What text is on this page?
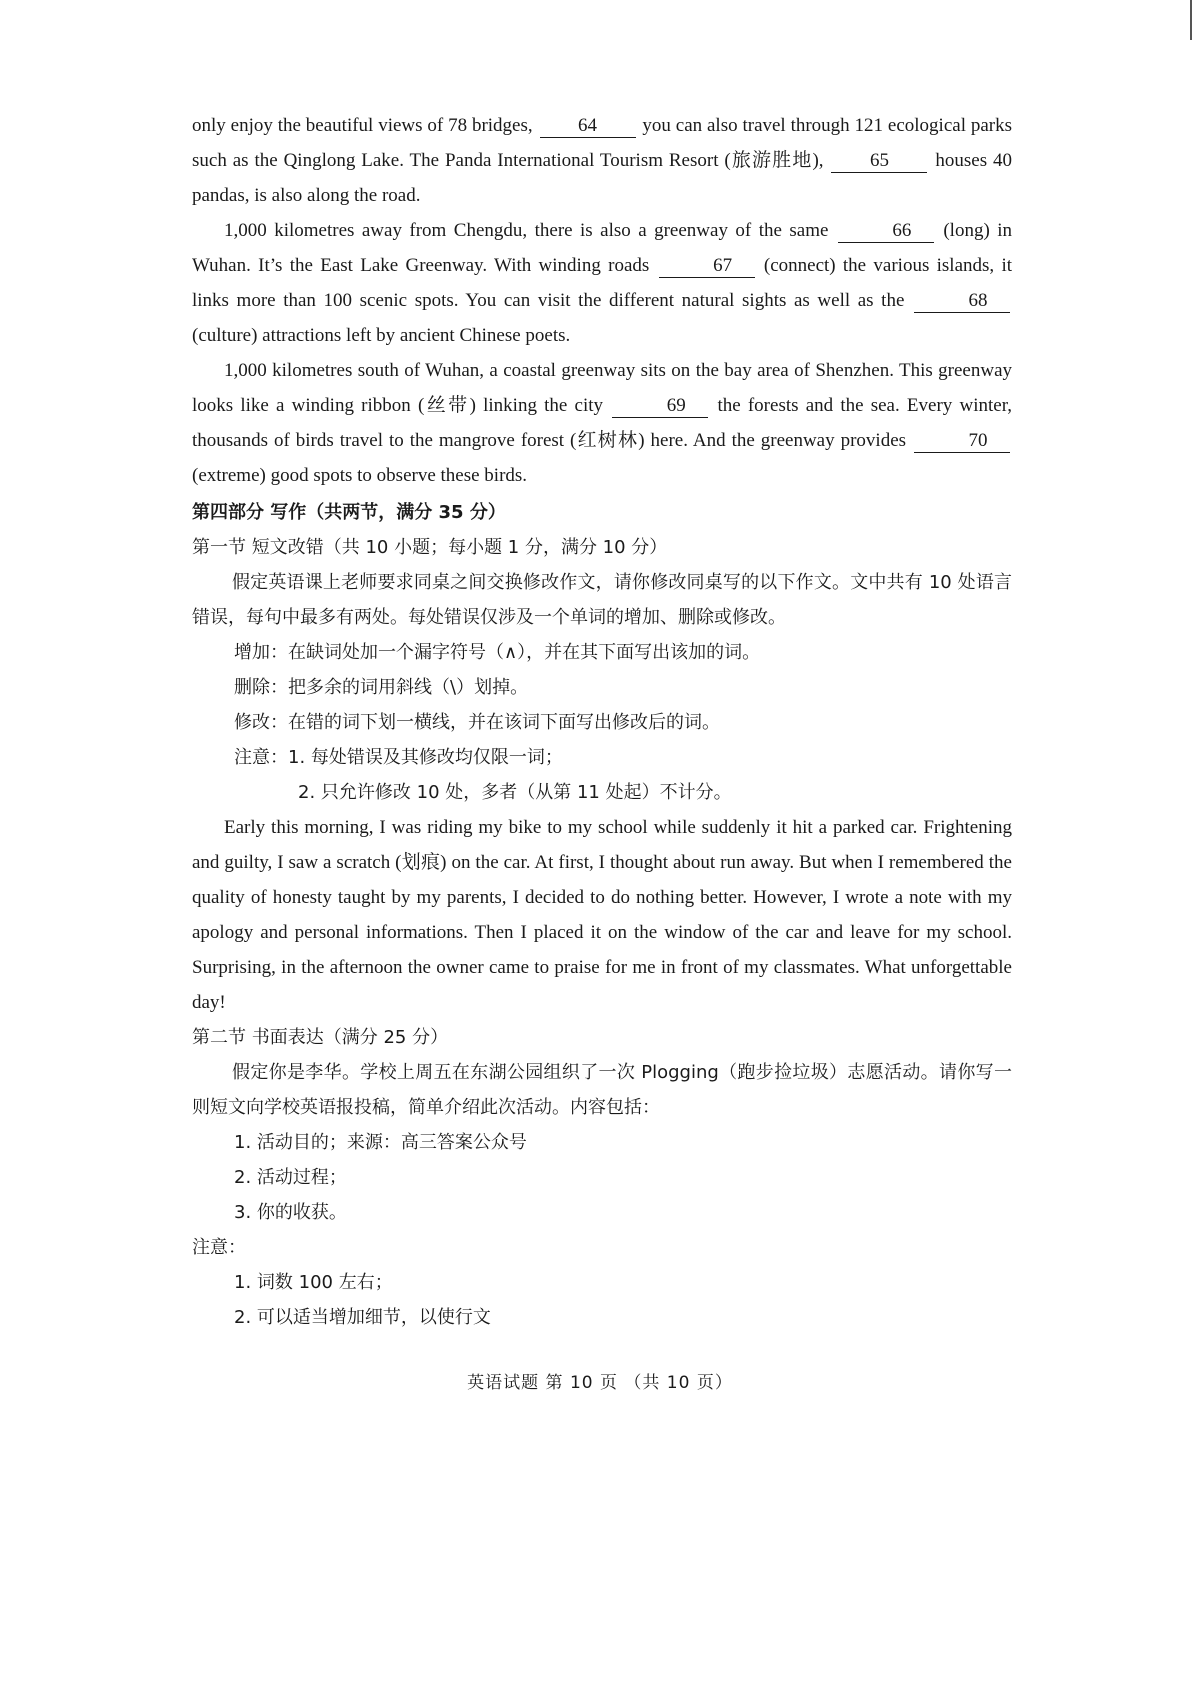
only enjoy the beautiful views of 78 bridges, 64 you can also travel through 121 ecological parks such as the Qinglong Lake. The Panda International Tourism Resort (旅游胜地), 65 houses 40 pandas, is also along the road.

1,000 kilometres away from Chengdu, there is also a greenway of the same	66 (long) in Wuhan. It’s the East Lake Greenway. With winding roads	67 (connect) the various islands, it links more than 100 scenic spots. You can visit the different natural sights as well as the	68 (culture) attractions left by ancient Chinese poets.

1,000 kilometres south of Wuhan, a coastal greenway sits on the bay area of Shenzhen. This greenway looks like a winding ribbon (丝带) linking the city	69 the forests and the sea. Every winter, thousands of birds travel to the mangrove forest (红树林) here. And the greenway provides	70 (extreme) good spots to observe these birds.

第四部分 写作（共两节，满分 35 分）

第一节 短文改错（共 10 小题；每小题 1 分，满分 10 分）

假定英语课上老师要求同桌之间交换修改作文，请你修改同桌写的以下作文。文中共有 10 处语言错误，每句中最多有两处。每处错误仅涉及一个单词的增加、删除或修改。

增加：在缺词处加一个漏字符号（∧），并在其下面写出该加的词。

删除：把多余的词用斜线（\）划掉。

修改：在错的词下划一横线，并在该词下面写出修改后的词。

注意：1. 每处错误及其修改均仅限一词；

2. 只允许修改 10 处，多者（从第 11 处起）不计分。

Early this morning, I was riding my bike to my school while suddenly it hit a parked car. Frightening and guilty, I saw a scratch (划痕) on the car. At first, I thought about run away. But when I remembered the quality of honesty taught by my parents, I decided to do nothing better. However, I wrote a note with my apology and personal informations. Then I placed it on the window of the car and leave for my school. Surprising, in the afternoon the owner came to praise for me in front of my classmates. What unforgettable day!

第二节 书面表达（满分 25 分）

假定你是李华。学校上周五在东湖公园组织了一次 Plogging（跑步捡垃圾）志愿活动。请你写一则短文向学校英语报投稿，简单介绍此次活动。内容包括：

1. 活动目的；来源：高三答案公众号

2. 活动过程；

3. 你的收获。

注意：

1. 词数 100 左右；

2. 可以适当增加细节，以使行文

英语试题 第 10 页 （共 10 页）
